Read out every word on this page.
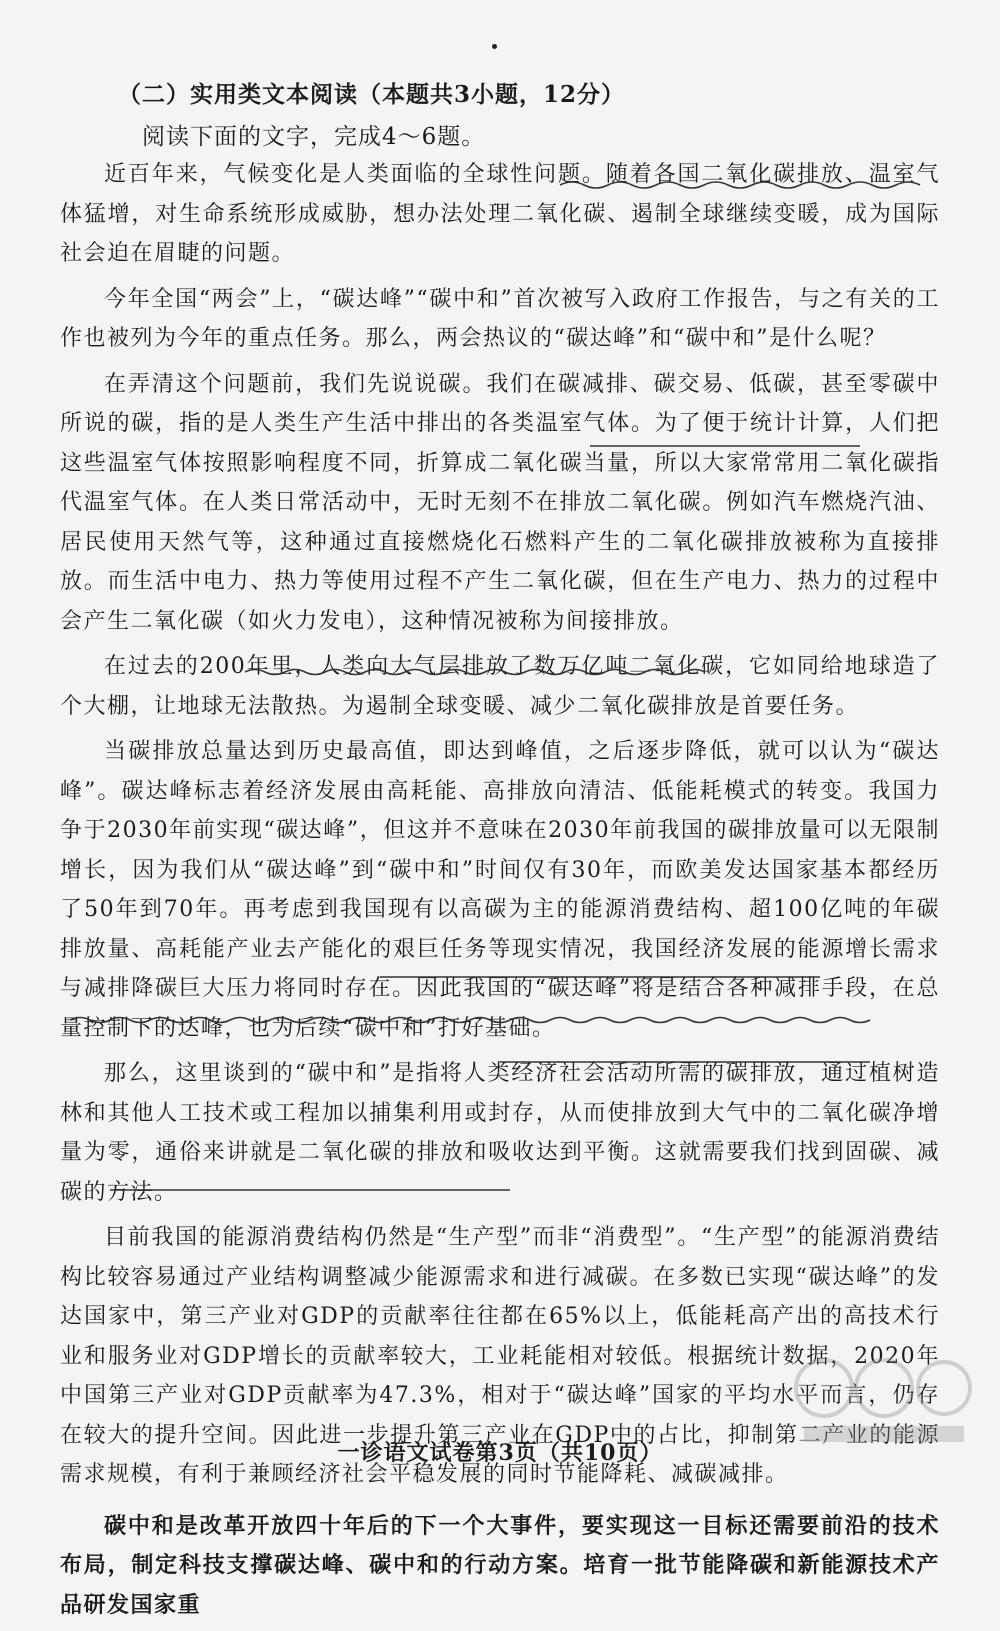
（二）实用类文本阅读（本题共3小题，12分）
阅读下面的文字，完成4～6题。

近百年来，气候变化是人类面临的全球性问题。随着各国二氧化碳排放、温室气体猛增，对生命系统形成威胁，想办法处理二氧化碳、遏制全球继续变暖，成为国际社会迫在眉睫的问题。

今年全国“两会”上，“碳达峰”“碳中和”首次被写入政府工作报告，与之有关的工作也被列为今年的重点任务。那么，两会热议的“碳达峰”和“碳中和”是什么呢？

在弄清这个问题前，我们先说说碳。我们在碳减排、碳交易、低碳，甚至零碳中所说的碳，指的是人类生产生活中排出的各类温室气体。为了便于统计计算，人们把这些温室气体按照影响程度不同，折算成二氧化碳当量，所以大家常常用二氧化碳指代温室气体。在人类日常活动中，无时无刻不在排放二氧化碳。例如汽车燃烧汽油、居民使用天然气等，这种通过直接燃烧化石燃料产生的二氧化碳排放被称为直接排放。而生活中电力、热力等使用过程不产生二氧化碳，但在生产电力、热力的过程中会产生二氧化碳（如火力发电），这种情况被称为间接排放。

在过去的200年里，人类向大气层排放了数万亿吨二氧化碳，它如同给地球造了个大棚，让地球无法散热。为遏制全球变暖、减少二氧化碳排放是首要任务。

当碳排放总量达到历史最高值，即达到峰值，之后逐步降低，就可以认为“碳达峰”。碳达峰标志着经济发展由高耗能、高排放向清洁、低能耗模式的转变。我国力争于2030年前实现“碳达峰”，但这并不意味在2030年前我国的碳排放量可以无限制增长，因为我们从“碳达峰”到“碳中和”时间仅有30年，而欧美发达国家基本都经历了50年到70年。再考虑到我国现有以高碳为主的能源消费结构、超100亿吨的年碳排放量、高耗能产业去产能化的艰巨任务等现实情况，我国经济发展的能源增长需求与减排降碳巨大压力将同时存在。因此我国的“碳达峰”将是结合各种减排手段，在总量控制下的达峰，也为后续“碳中和”打好基础。

那么，这里谈到的“碳中和”是指将人类经济社会活动所需的碳排放，通过植树造林和其他人工技术或工程加以捕集利用或封存，从而使排放到大气中的二氧化碳净增量为零，通俗来讲就是二氧化碳的排放和吸收达到平衡。这就需要我们找到固碳、减碳的方法。

目前我国的能源消费结构仍然是“生产型”而非“消费型”。“生产型”的能源消费结构比较容易通过产业结构调整减少能源需求和进行减碳。在多数已实现“碳达峰”的发达国家中，第三产业对GDP的贡献率往往都在65%以上，低能耗高产出的高技术行业和服务业对GDP增长的贡献率较大，工业耗能相对较低。根据统计数据，2020年中国第三产业对GDP贡献率为47.3%，相对于“碳达峰”国家的平均水平而言，仍存在较大的提升空间。因此进一步提升第三产业在GDP中的占比，抑制第二产业的能源需求规模，有利于兼顾经济社会平稳发展的同时节能降耗、减碳减排。

碳中和是改革开放四十年后的下一个大事件，要实现这一目标还需要前沿的技术布局，制定科技支撑碳达峰、碳中和的行动方案。培育一批节能降碳和新能源技术产品研发国家重

一诊语文试卷第3页（共10页）
